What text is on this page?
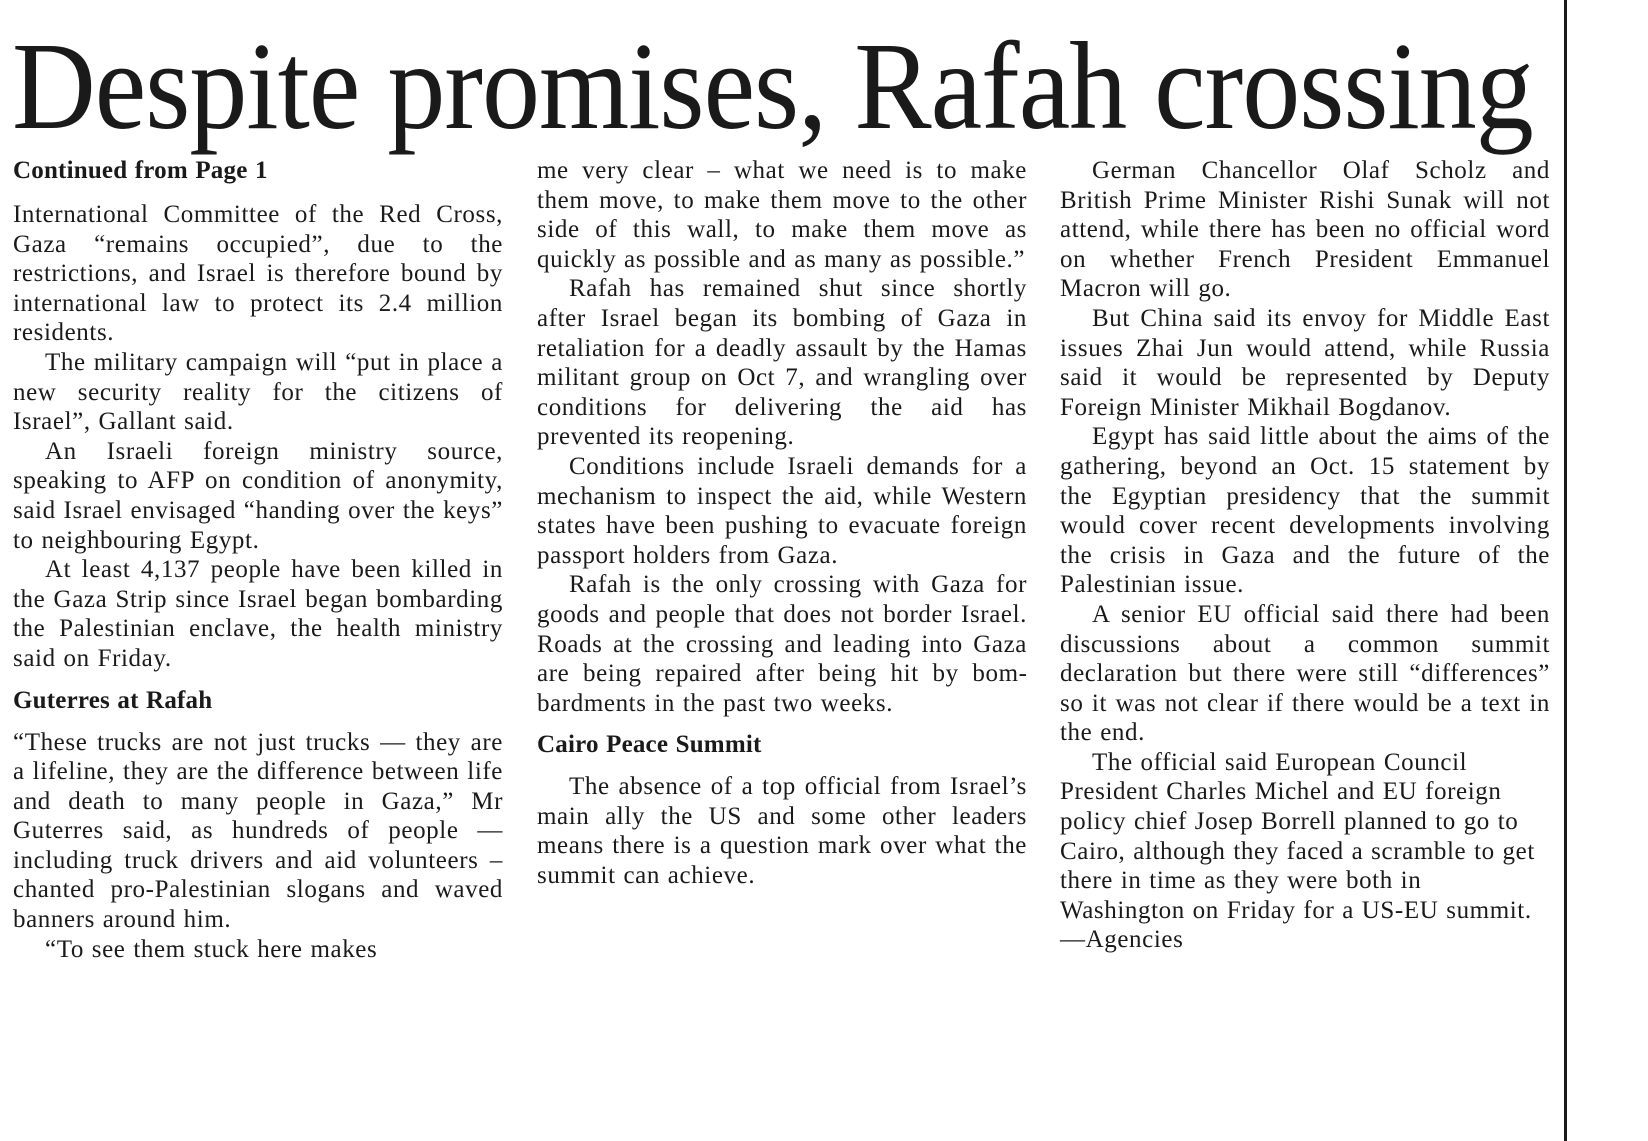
Despite promises, Rafah crossing
Continued from Page 1

International Committee of the Red Cross, Gaza “remains occupied”, due to the restrictions, and Israel is therefore bound by international law to protect its 2.4 million residents.

The military campaign will “put in place a new security reality for the citizens of Israel”, Gallant said.

An Israeli foreign ministry source, speaking to AFP on condition of anonymity, said Israel envisaged “handing over the keys” to neighbouring Egypt.

At least 4,137 people have been killed in the Gaza Strip since Israel began bombarding the Palestinian enclave, the health ministry said on Friday.

Guterres at Rafah

“These trucks are not just trucks — they are a lifeline, they are the difference between life and death to many people in Gaza,” Mr Guterres said, as hundreds of people — including truck drivers and aid volunteers – chanted pro-Palestinian slogans and waved banners around him.

“To see them stuck here makes

me very clear – what we need is to make them move, to make them move to the other side of this wall, to make them move as quickly as possible and as many as possible.”

Rafah has remained shut since shortly after Israel began its bombing of Gaza in retaliation for a deadly assault by the Hamas militant group on Oct 7, and wrangling over conditions for delivering the aid has prevented its reopening.

Conditions include Israeli demands for a mechanism to inspect the aid, while Western states have been pushing to evacuate foreign passport holders from Gaza.

Rafah is the only crossing with Gaza for goods and people that does not border Israel. Roads at the crossing and leading into Gaza are being repaired after being hit by bombardments in the past two weeks.

Cairo Peace Summit

The absence of a top official from Israel’s main ally the US and some other leaders means there is a question mark over what the summit can achieve.

German Chancellor Olaf Scholz and British Prime Minister Rishi Sunak will not attend, while there has been no official word on whether French President Emmanuel Macron will go.

But China said its envoy for Middle East issues Zhai Jun would attend, while Russia said it would be represented by Deputy Foreign Minister Mikhail Bogdanov.

Egypt has said little about the aims of the gathering, beyond an Oct. 15 statement by the Egyptian presidency that the summit would cover recent developments involving the crisis in Gaza and the future of the Palestinian issue.

A senior EU official said there had been discussions about a common summit declaration but there were still “differences” so it was not clear if there would be a text in the end.

The official said European Council President Charles Michel and EU foreign policy chief Josep Borrell planned to go to Cairo, although they faced a scramble to get there in time as they were both in Washington on Friday for a US-EU summit.—Agencies
